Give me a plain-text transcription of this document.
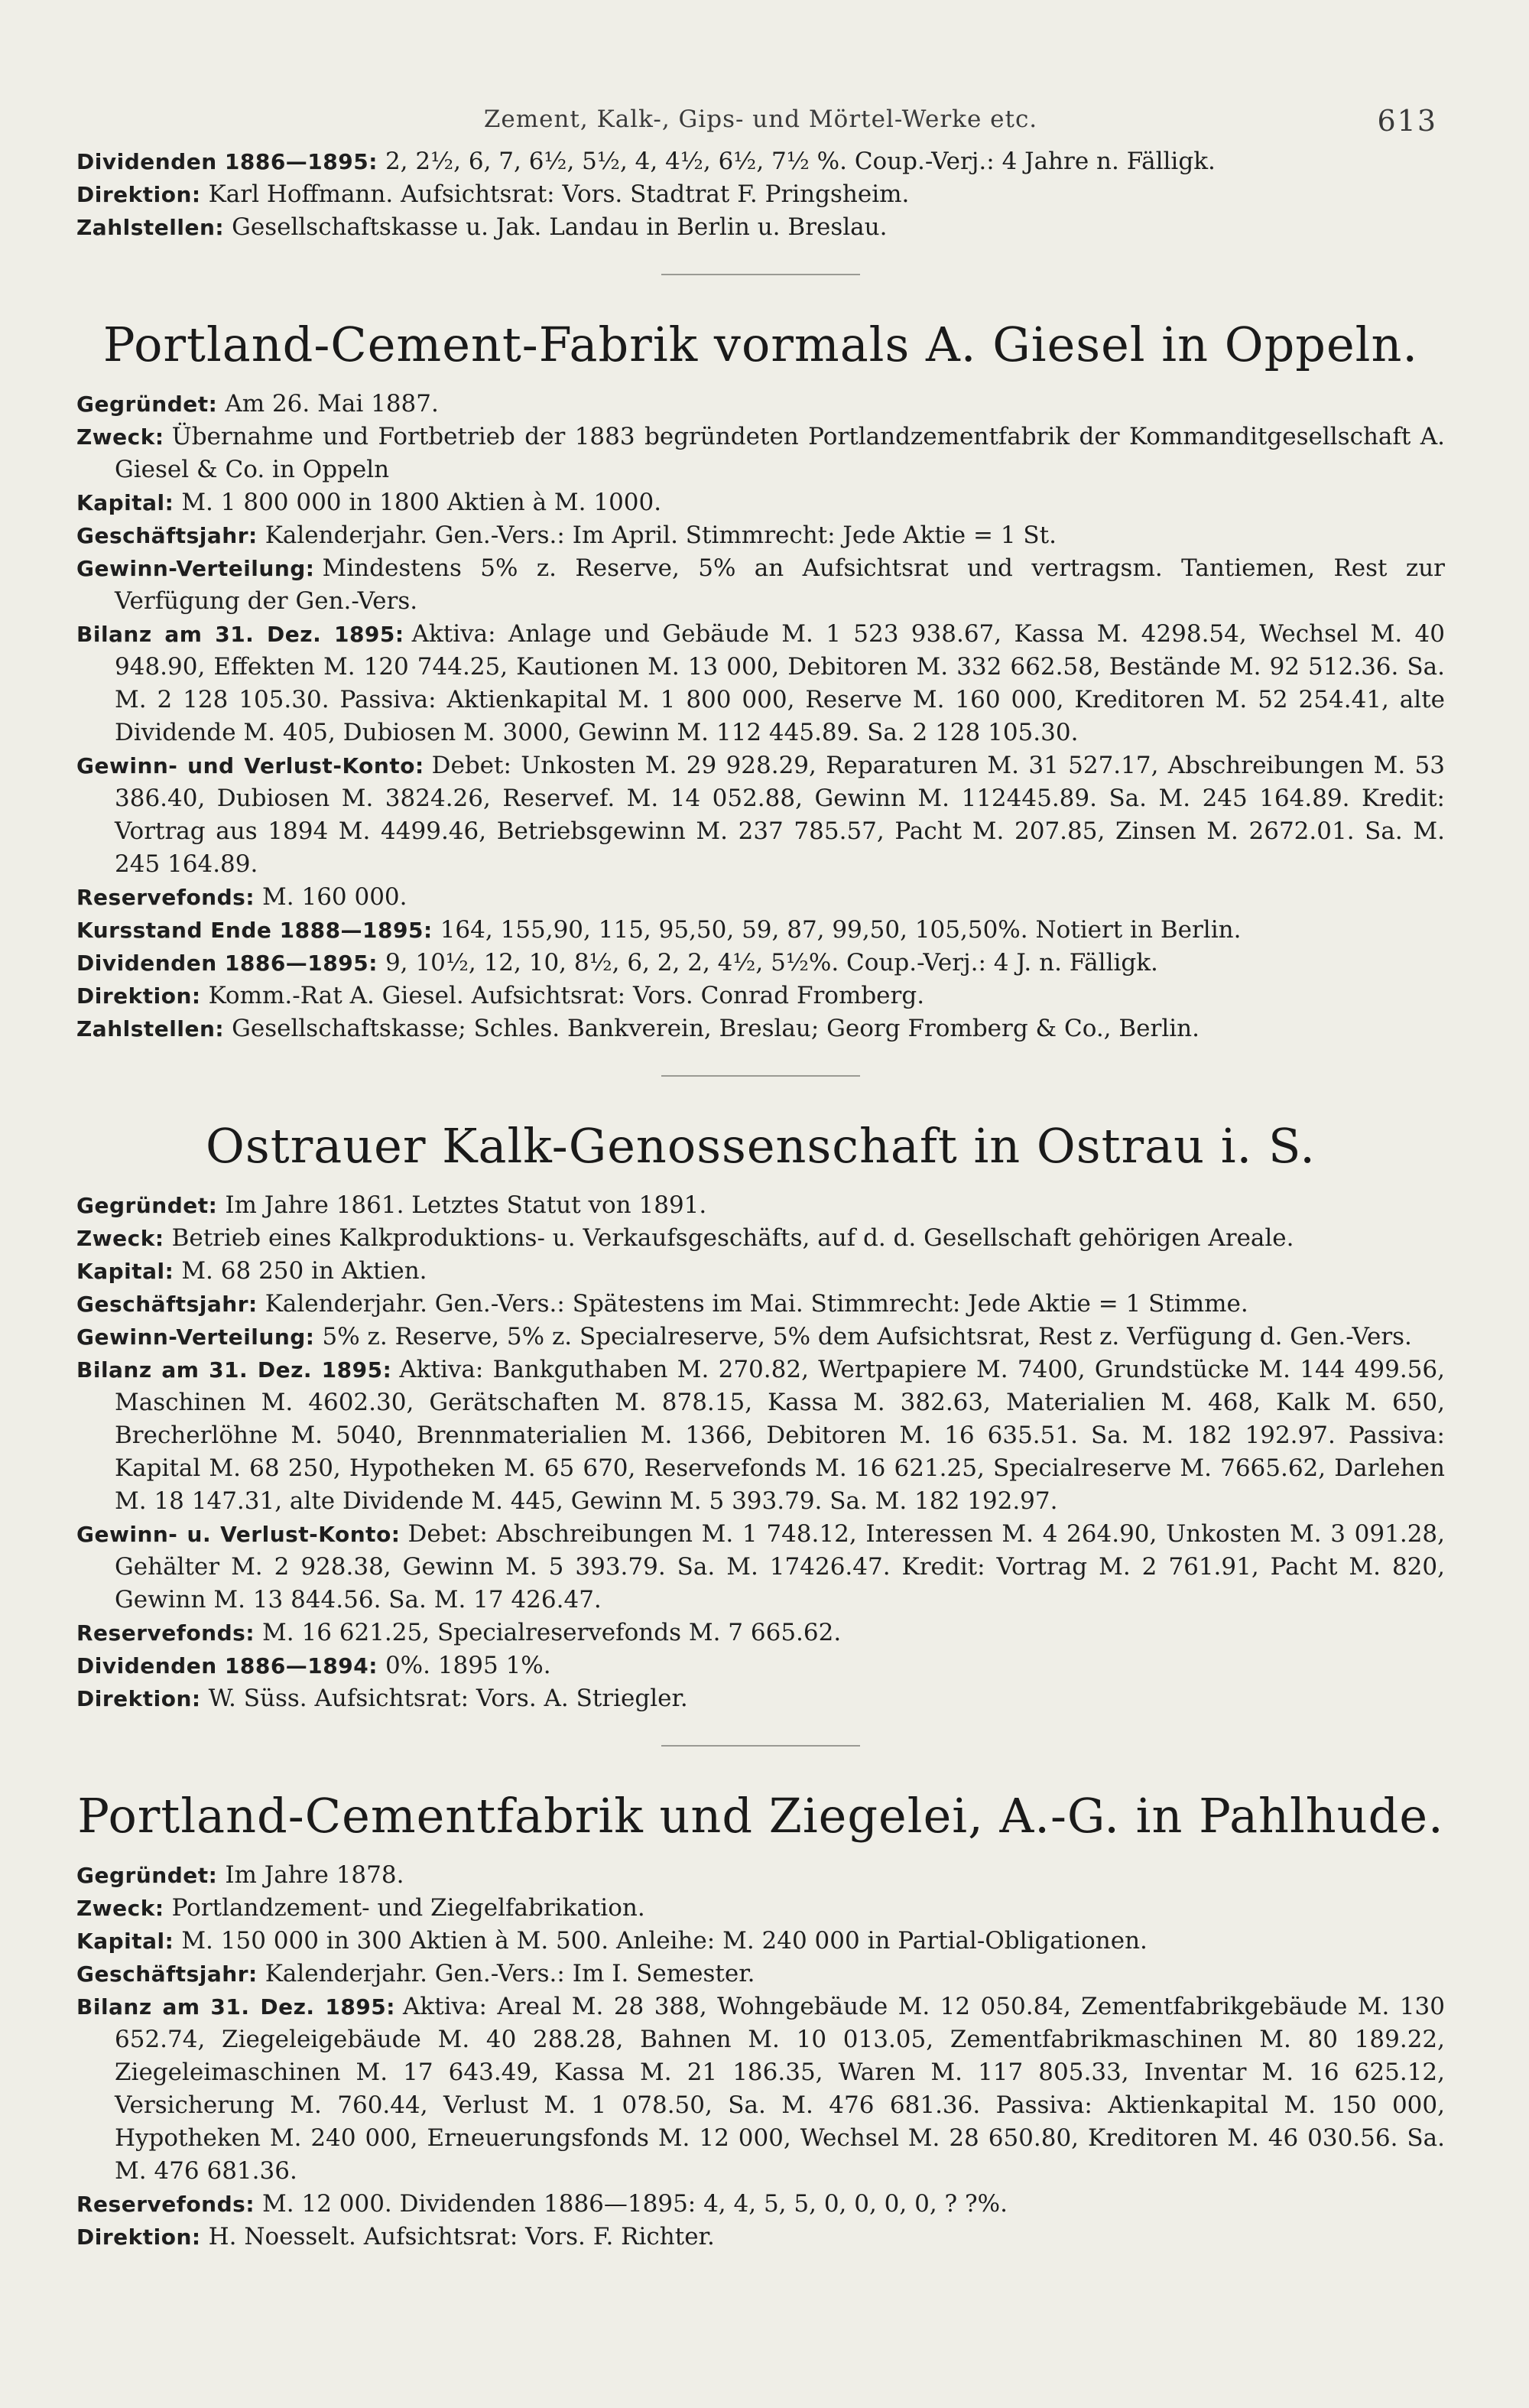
Zement, Kalk-, Gips- und Mörtel-Werke etc.	613
Dividenden 1886—1895: 2, 2½, 6, 7, 6½, 5½, 4, 4½, 6½, 7½ %. Coup.-Verj.: 4 Jahre n. Fälligk.
Direktion: Karl Hoffmann. Aufsichtsrat: Vors. Stadtrat F. Pringsheim.
Zahlstellen: Gesellschaftskasse u. Jak. Landau in Berlin u. Breslau.
Portland-Cement-Fabrik vormals A. Giesel in Oppeln.
Gegründet: Am 26. Mai 1887.
Zweck: Übernahme und Fortbetrieb der 1883 begründeten Portlandzementfabrik der Kommanditgesellschaft A. Giesel & Co. in Oppeln
Kapital: M. 1 800 000 in 1800 Aktien à M. 1000.
Geschäftsjahr: Kalenderjahr. Gen.-Vers.: Im April. Stimmrecht: Jede Aktie = 1 St.
Gewinn-Verteilung: Mindestens 5% z. Reserve, 5% an Aufsichtsrat und vertragsm. Tantiemen, Rest zur Verfügung der Gen.-Vers.
Bilanz am 31. Dez. 1895: Aktiva: Anlage und Gebäude M. 1 523 938.67, Kassa M. 4298.54, Wechsel M. 40 948.90, Effekten M. 120 744.25, Kautionen M. 13 000, Debitoren M. 332 662.58, Bestände M. 92 512.36. Sa. M. 2 128 105.30. Passiva: Aktienkapital M. 1 800 000, Reserve M. 160 000, Kreditoren M. 52 254.41, alte Dividende M. 405, Dubiosen M. 3000, Gewinn M. 112 445.89. Sa. 2 128 105.30.
Gewinn- und Verlust-Konto: Debet: Unkosten M. 29 928.29, Reparaturen M. 31 527.17, Abschreibungen M. 53 386.40, Dubiosen M. 3824.26, Reservef. M. 14 052.88, Gewinn M. 112445.89. Sa. M. 245 164.89. Kredit: Vortrag aus 1894 M. 4499.46, Betriebsgewinn M. 237 785.57, Pacht M. 207.85, Zinsen M. 2672.01. Sa. M. 245 164.89.
Reservefonds: M. 160 000.
Kursstand Ende 1888—1895: 164, 155,90, 115, 95,50, 59, 87, 99,50, 105,50%. Notiert in Berlin.
Dividenden 1886—1895: 9, 10½, 12, 10, 8½, 6, 2, 2, 4½, 5½%. Coup.-Verj.: 4 J. n. Fälligk.
Direktion: Komm.-Rat A. Giesel. Aufsichtsrat: Vors. Conrad Fromberg.
Zahlstellen: Gesellschaftskasse; Schles. Bankverein, Breslau; Georg Fromberg & Co., Berlin.
Ostrauer Kalk-Genossenschaft in Ostrau i. S.
Gegründet: Im Jahre 1861. Letztes Statut von 1891.
Zweck: Betrieb eines Kalkproduktions- u. Verkaufsgeschäfts, auf d. d. Gesellschaft gehörigen Areale.
Kapital: M. 68 250 in Aktien.
Geschäftsjahr: Kalenderjahr. Gen.-Vers.: Spätestens im Mai. Stimmrecht: Jede Aktie = 1 Stimme.
Gewinn-Verteilung: 5% z. Reserve, 5% z. Specialreserve, 5% dem Aufsichtsrat, Rest z. Verfügung d. Gen.-Vers.
Bilanz am 31. Dez. 1895: Aktiva: Bankguthaben M. 270.82, Wertpapiere M. 7400, Grundstücke M. 144 499.56, Maschinen M. 4602.30, Gerätschaften M. 878.15, Kassa M. 382.63, Materialien M. 468, Kalk M. 650, Brecherlöhne M. 5040, Brennmaterialien M. 1366, Debitoren M. 16 635.51. Sa. M. 182 192.97. Passiva: Kapital M. 68 250, Hypotheken M. 65 670, Reservefonds M. 16 621.25, Specialreserve M. 7665.62, Darlehen M. 18 147.31, alte Dividende M. 445, Gewinn M. 5 393.79. Sa. M. 182 192.97.
Gewinn- u. Verlust-Konto: Debet: Abschreibungen M. 1 748.12, Interessen M. 4 264.90, Unkosten M. 3 091.28, Gehälter M. 2 928.38, Gewinn M. 5 393.79. Sa. M. 17426.47. Kredit: Vortrag M. 2 761.91, Pacht M. 820, Gewinn M. 13 844.56. Sa. M. 17 426.47.
Reservefonds: M. 16 621.25, Specialreservefonds M. 7 665.62.
Dividenden 1886—1894: 0%. 1895 1%.
Direktion: W. Süss. Aufsichtsrat: Vors. A. Striegler.
Portland-Cementfabrik und Ziegelei, A.-G. in Pahlhude.
Gegründet: Im Jahre 1878.
Zweck: Portlandzement- und Ziegelfabrikation.
Kapital: M. 150 000 in 300 Aktien à M. 500. Anleihe: M. 240 000 in Partial-Obligationen.
Geschäftsjahr: Kalenderjahr. Gen.-Vers.: Im I. Semester.
Bilanz am 31. Dez. 1895: Aktiva: Areal M. 28 388, Wohngebäude M. 12 050.84, Zementfabrikgebäude M. 130 652.74, Ziegeleigebäude M. 40 288.28, Bahnen M. 10 013.05, Zementfabrikmaschinen M. 80 189.22, Ziegeleimaschinen M. 17 643.49, Kassa M. 21 186.35, Waren M. 117 805.33, Inventar M. 16 625.12, Versicherung M. 760.44, Verlust M. 1 078.50, Sa. M. 476 681.36. Passiva: Aktienkapital M. 150 000, Hypotheken M. 240 000, Erneuerungsfonds M. 12 000, Wechsel M. 28 650.80, Kreditoren M. 46 030.56. Sa. M. 476 681.36.
Reservefonds: M. 12 000. Dividenden 1886—1895: 4, 4, 5, 5, 0, 0, 0, 0, ? ?%.
Direktion: H. Noesselt. Aufsichtsrat: Vors. F. Richter.
